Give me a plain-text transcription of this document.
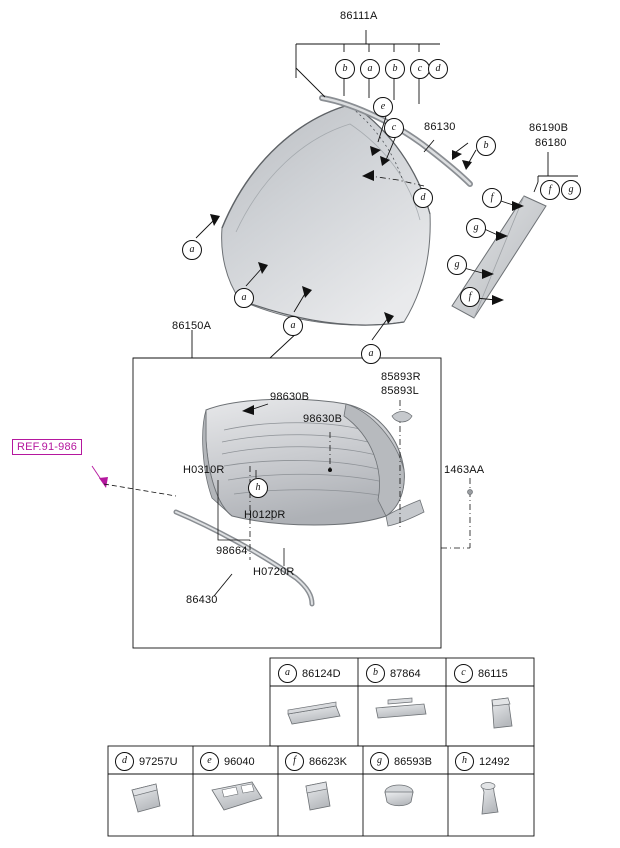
86111A
86130	86190B
86180
86150A
98630B
98630B
85893R
85893L
H0310R
H0120R
98664
H0720R
86430
1463AA
REF.91-986
b	a	b	c	d
e
c
b
d	f
f	g
g
g
f
a
a
a
a
h
a	86124D	b	87864	c	86115
d	97257U	e	96040	f	86623K	g	86593B	h	12492
